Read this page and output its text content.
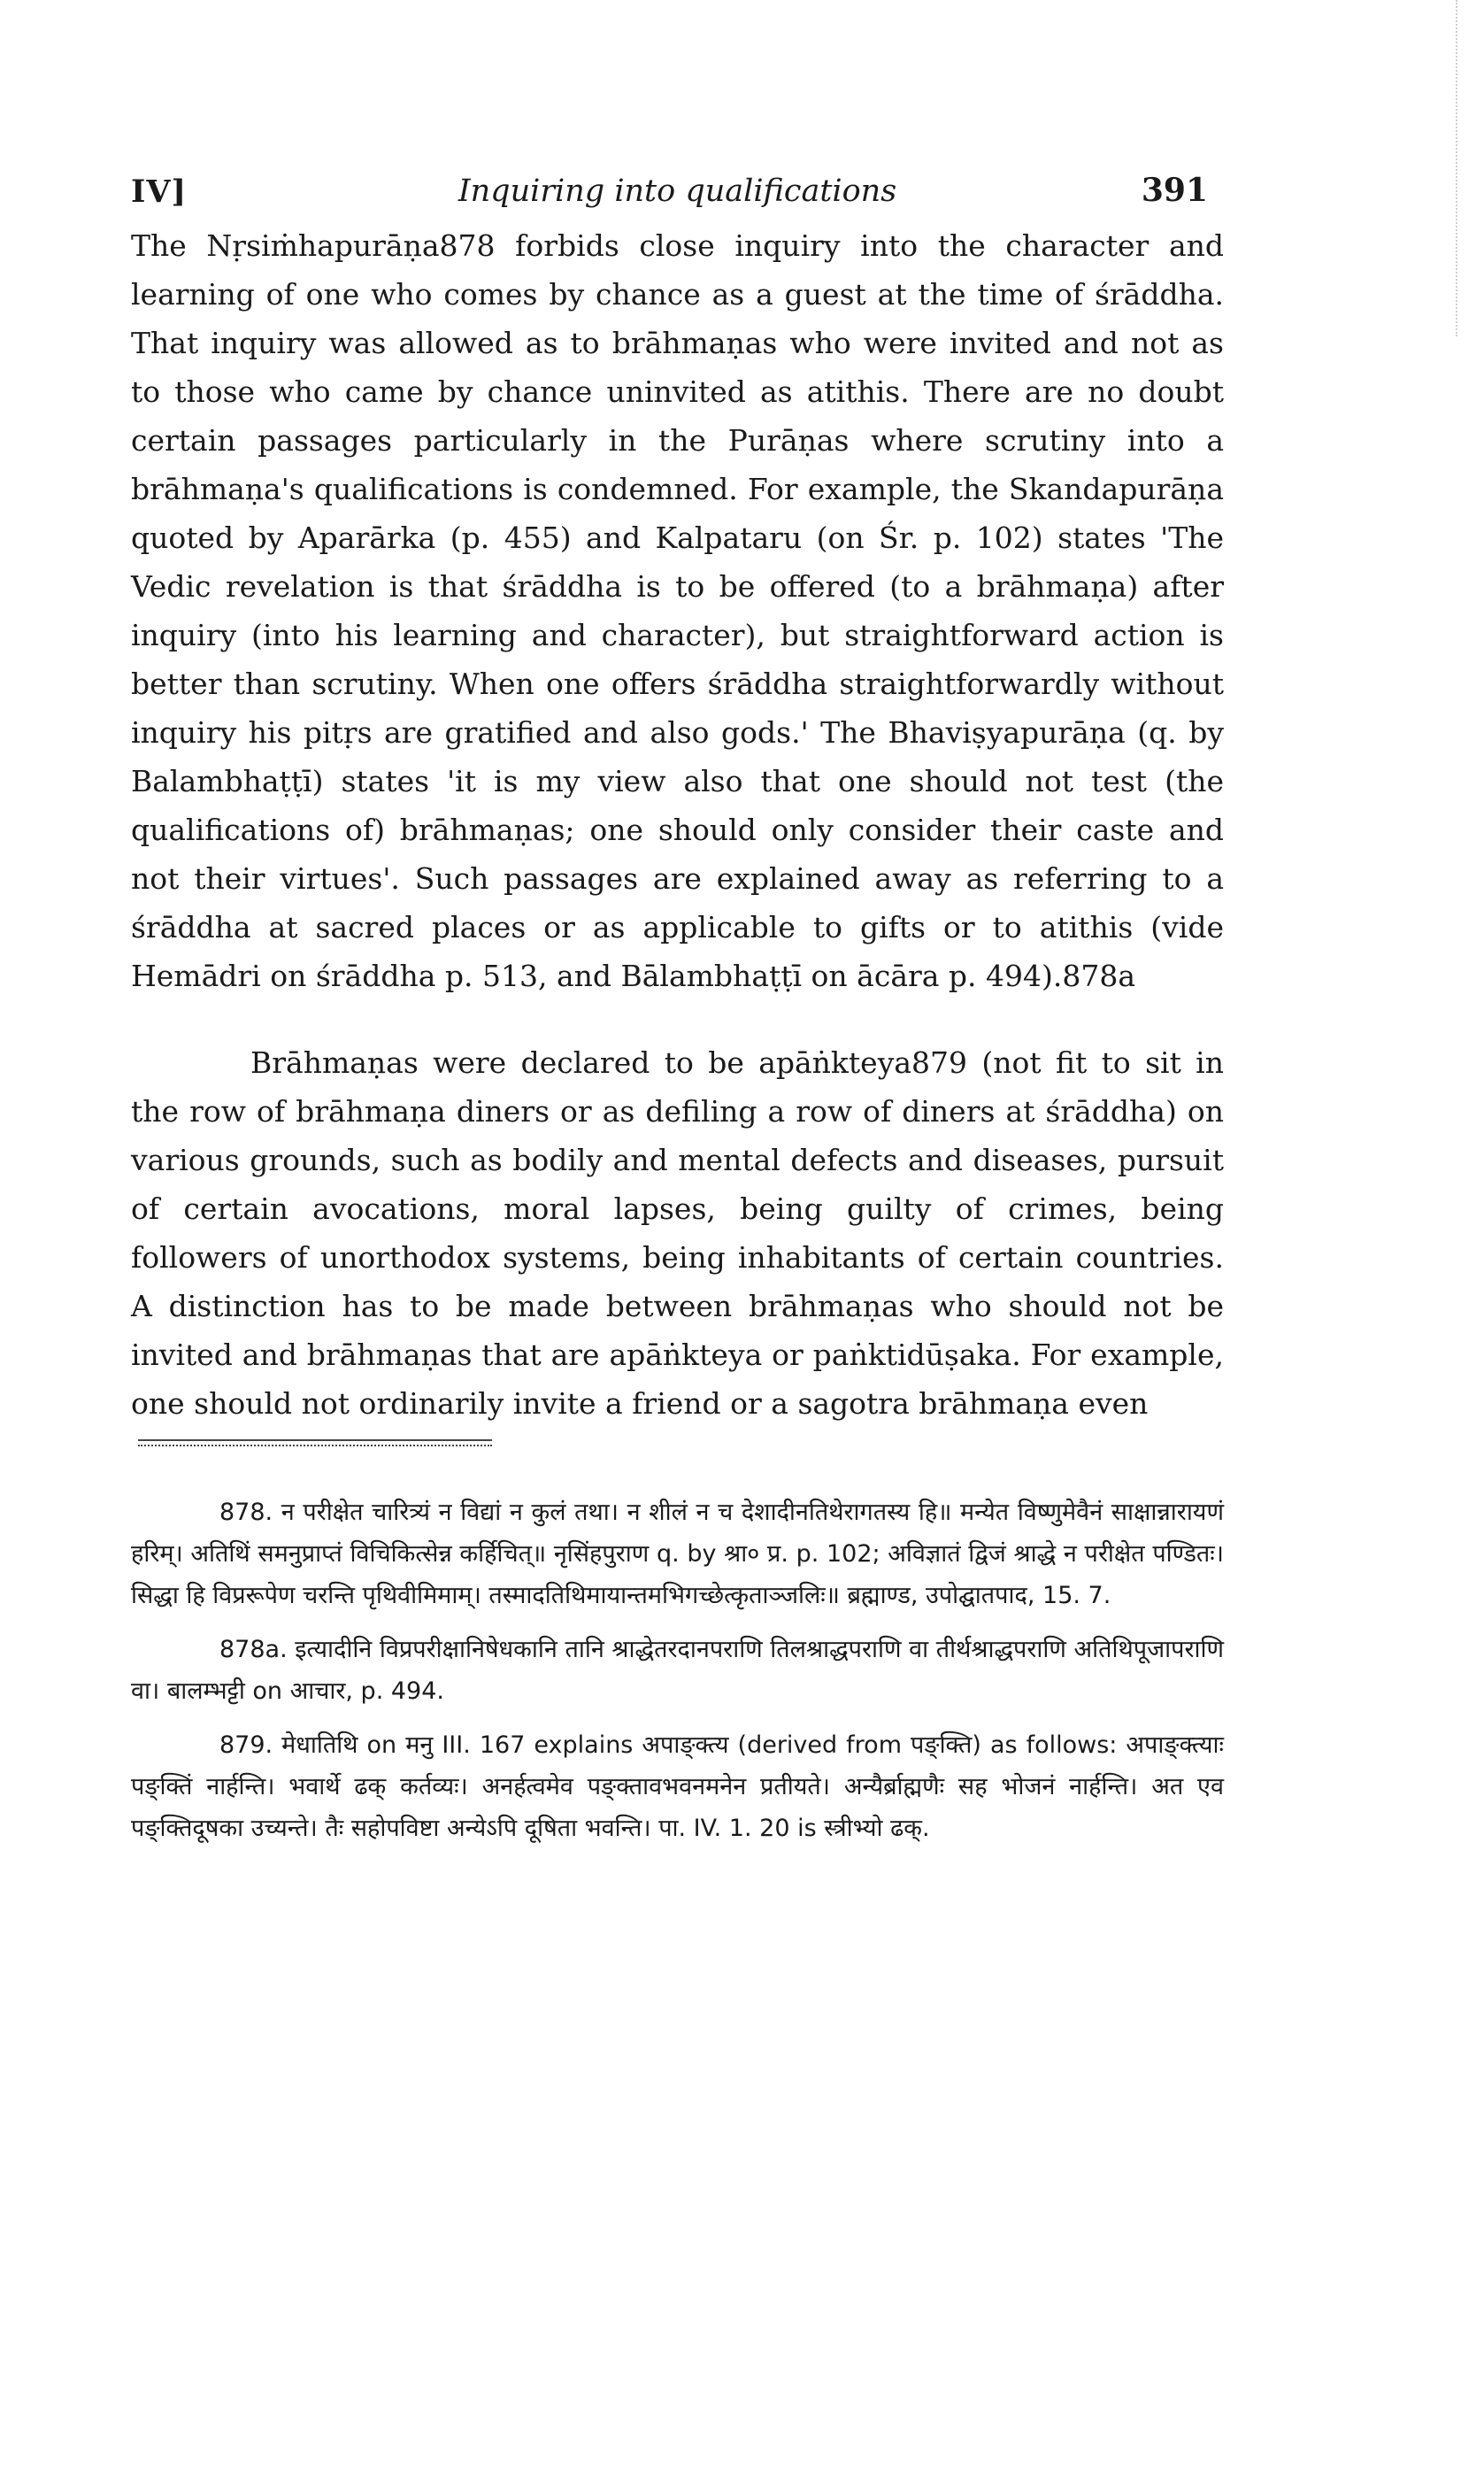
IV]	Inquiring into qualifications	391

The Nṛsiṁhapurāṇa878 forbids close inquiry into the character and learning of one who comes by chance as a guest at the time of śrāddha. That inquiry was allowed as to brāhmaṇas who were invited and not as to those who came by chance uninvited as atithis. There are no doubt certain passages particularly in the Purāṇas where scrutiny into a brāhmaṇa's qualifications is condemned. For example, the Skandapurāṇa quoted by Aparārka (p. 455) and Kalpataru (on Śr. p. 102) states 'The Vedic revelation is that śrāddha is to be offered (to a brāhmaṇa) after inquiry (into his learning and character), but straightforward action is better than scrutiny. When one offers śrāddha straightforwardly without inquiry his pitṛs are gratified and also gods.' The Bhaviṣyapurāṇa (q. by Balambhaṭṭī) states 'it is my view also that one should not test (the qualifications of) brāhmaṇas; one should only consider their caste and not their virtues'. Such passages are explained away as referring to a śrāddha at sacred places or as applicable to gifts or to atithis (vide Hemādri on śrāddha p. 513, and Bālambhaṭṭī on ācāra p. 494).878a

Brāhmaṇas were declared to be apāṅkteya879 (not fit to sit in the row of brāhmaṇa diners or as defiling a row of diners at śrāddha) on various grounds, such as bodily and mental defects and diseases, pursuit of certain avocations, moral lapses, being guilty of crimes, being followers of unorthodox systems, being inhabitants of certain countries. A distinction has to be made between brāhmaṇas who should not be invited and brāhmaṇas that are apāṅkteya or paṅktidūṣaka. For example, one should not ordinarily invite a friend or a sagotra brāhmaṇa even

878. न परीक्षेत चारित्र्यं न विद्यां न कुलं तथा। न शीलं न च देशादीनतिथेरागतस्य हि॥ मन्येत विष्णुमेवैनं साक्षान्नारायणं हरिम्। अतिथिं समनुप्राप्तं विचिकित्सेन्न कर्हिचित्॥ नृसिंहपुराण q. by श्रा० प्र. p. 102; अविज्ञातं द्विजं श्राद्धे न परीक्षेत पण्डितः। सिद्धा हि विप्ररूपेण चरन्ति पृथिवीमिमाम्। तस्मादतिथिमायान्तमभिगच्छेत्कृताञ्जलिः॥ ब्रह्माण्ड, उपोद्घातपाद, 15. 7.

878a. इत्यादीनि विप्रपरीक्षानिषेधकानि तानि श्राद्धेतरदानपराणि तिलश्राद्धपराणि वा तीर्थश्राद्धपराणि अतिथिपूजापराणि वा। बालम्भट्टी on आचार, p. 494.

879. मेधातिथि on मनु III. 167 explains अपाङ्क्त्य (derived from पङ्क्ति) as follows: अपाङ्क्त्याः पङ्क्तिं नार्हन्ति। भवार्थे ढक् कर्तव्यः। अनर्हत्वमेव पङ्क्तावभवनमनेन प्रतीयते। अन्यैर्ब्राह्मणैः सह भोजनं नार्हन्ति। अत एव पङ्क्तिदूषका उच्यन्ते। तैः सहोपविष्टा अन्येऽपि दूषिता भवन्ति। पा. IV. 1. 20 is स्त्रीभ्यो ढक्.
